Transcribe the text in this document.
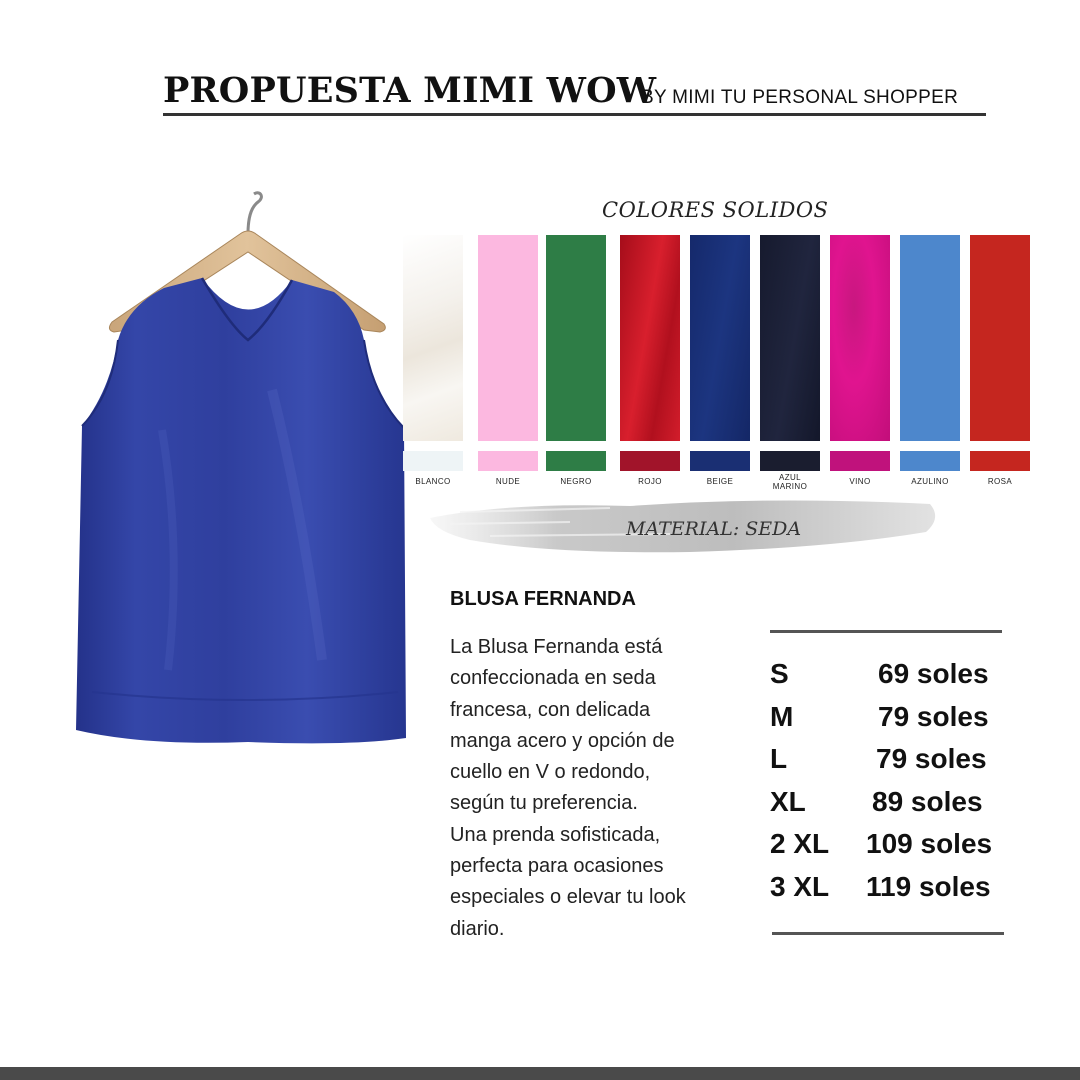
PROPUESTA MIMI WOW
BY MIMI TU PERSONAL SHOPPER
COLORES SOLIDOS
BLANCO	NUDE	NEGRO	ROJO	BEIGE	AZUL MARINO
VINO	AZULINO	ROSA
MATERIAL: SEDA
BLUSA FERNANDA
La Blusa Fernanda está
confeccionada en seda
francesa, con delicada
manga acero y opción de
cuello en V o redondo,
según tu preferencia.
Una prenda sofisticada,
perfecta para ocasiones
especiales o elevar tu look
diario.
S	69 soles
M	79 soles
L	79 soles
XL 89 soles
2 XL 109 soles
3 XL 119 soles
